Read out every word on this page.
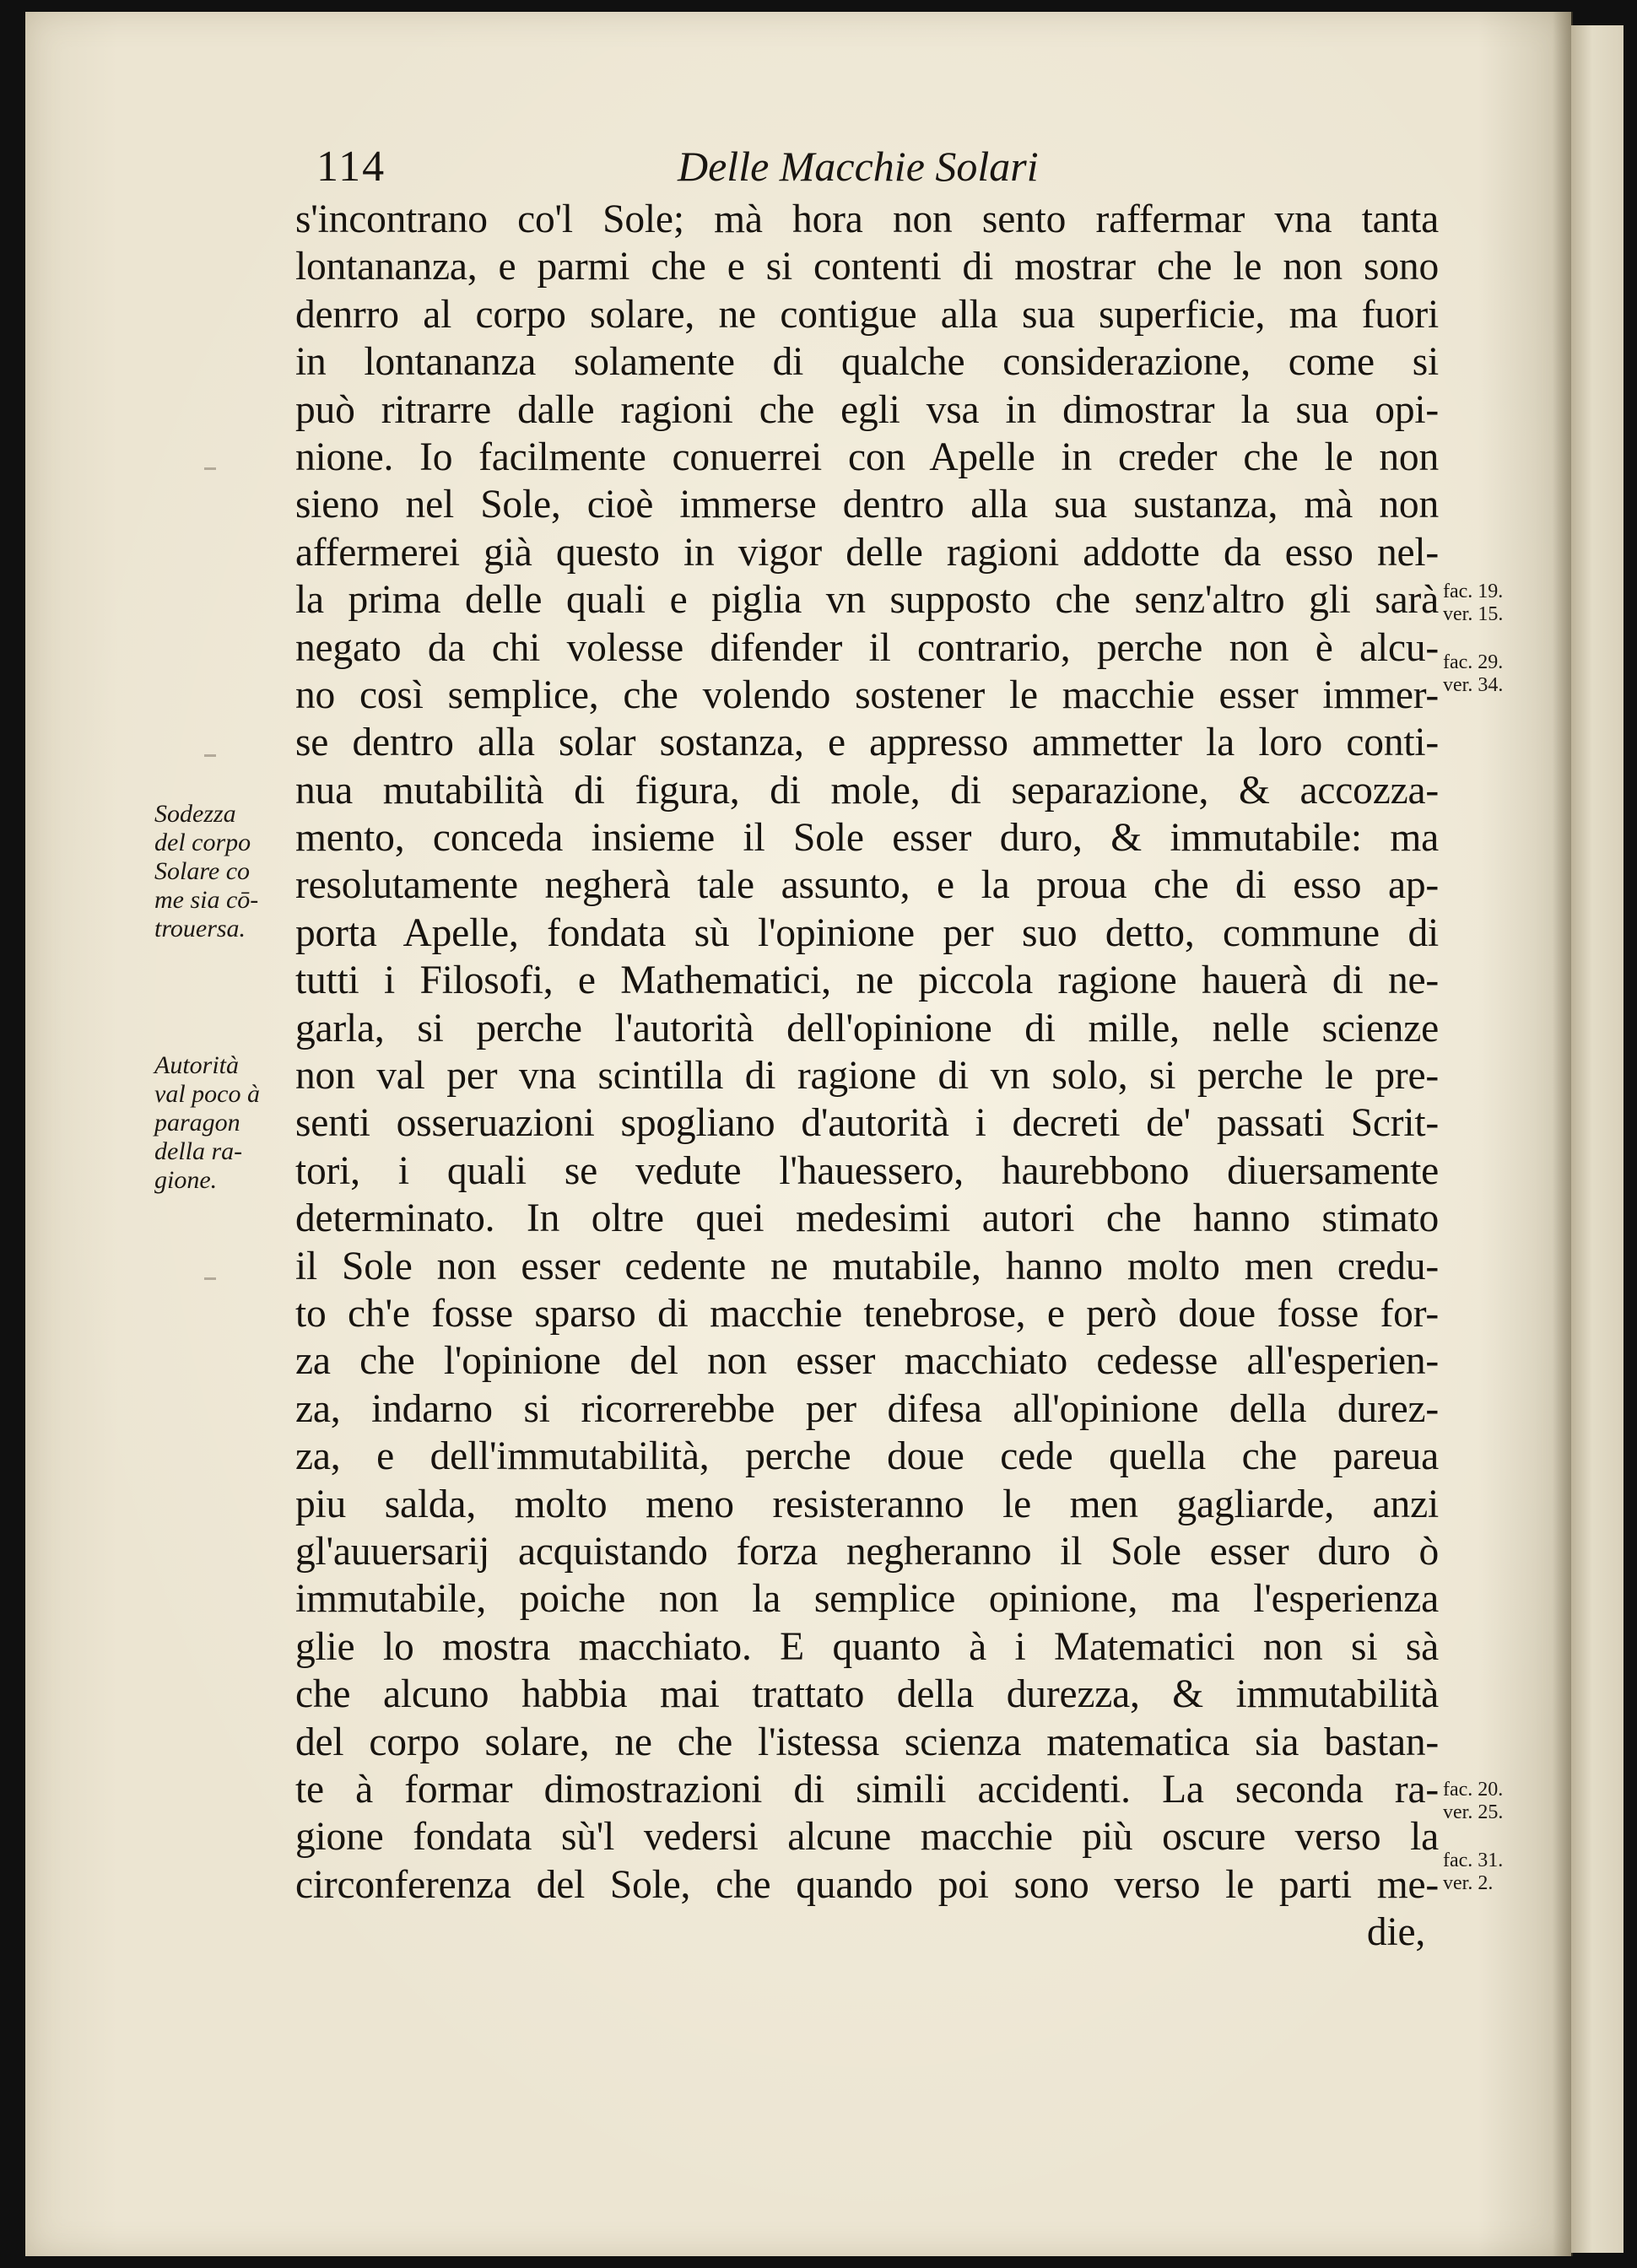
114	Delle Macchie Solari
s'incontrano co'l Sole; mà hora non sento raffermar vna tanta
lontananza, e parmi che e si contenti di mostrar che le non sono
denrro al corpo solare, ne contigue alla sua superficie, ma fuori
in lontananza solamente di qualche considerazione, come si
può ritrarre dalle ragioni che egli vsa in dimostrar la sua opi-
nione. Io facilmente conuerrei con Apelle in creder che le non
sieno nel Sole, cioè immerse dentro alla sua sustanza, mà non
affermerei già questo in vigor delle ragioni addotte da esso nel-
la prima delle quali e piglia vn supposto che senz'altro gli sarà
negato da chi volesse difender il contrario, perche non è alcu-
no così semplice, che volendo sostener le macchie esser immer-
se dentro alla solar sostanza, e appresso ammetter la loro conti-
nua mutabilità di figura, di mole, di separazione, & accozza-
mento, conceda insieme il Sole esser duro, & immutabile: ma
resolutamente negherà tale assunto, e la proua che di esso ap-
porta Apelle, fondata sù l'opinione per suo detto, commune di
tutti i Filosofi, e Mathematici, ne piccola ragione hauerà di ne-
garla, si perche l'autorità dell'opinione di mille, nelle scienze
non val per vna scintilla di ragione di vn solo, si perche le pre-
senti osseruazioni spogliano d'autorità i decreti de' passati Scrit-
tori, i quali se vedute l'hauessero, haurebbono diuersamente
determinato. In oltre quei medesimi autori che hanno stimato
il Sole non esser cedente ne mutabile, hanno molto men credu-
to ch'e fosse sparso di macchie tenebrose, e però doue fosse for-
za che l'opinione del non esser macchiato cedesse all'esperien-
za, indarno si ricorrerebbe per difesa all'opinione della durez-
za, e dell'immutabilità, perche doue cede quella che pareua
piu salda, molto meno resisteranno le men gagliarde, anzi
gl'auuersarij acquistando forza negheranno il Sole esser duro ò
immutabile, poiche non la semplice opinione, ma l'esperienza
glie lo mostra macchiato. E quanto à i Matematici non si sà
che alcuno habbia mai trattato della durezza, & immutabilità
del corpo solare, ne che l'istessa scienza matematica sia bastan-
te à formar dimostrazioni di simili accidenti. La seconda ra-
gione fondata sù'l vedersi alcune macchie più oscure verso la
circonferenza del Sole, che quando poi sono verso le parti me-
die,
Sodezza
del corpo
Solare co
me sia cō-
trouersa.
Autorità
val poco à
paragon
della ra-
gione.
fac. 19.
ver. 15.
fac. 29.
ver. 34.
fac. 20.
ver. 25.
fac. 31.
ver. 2.
